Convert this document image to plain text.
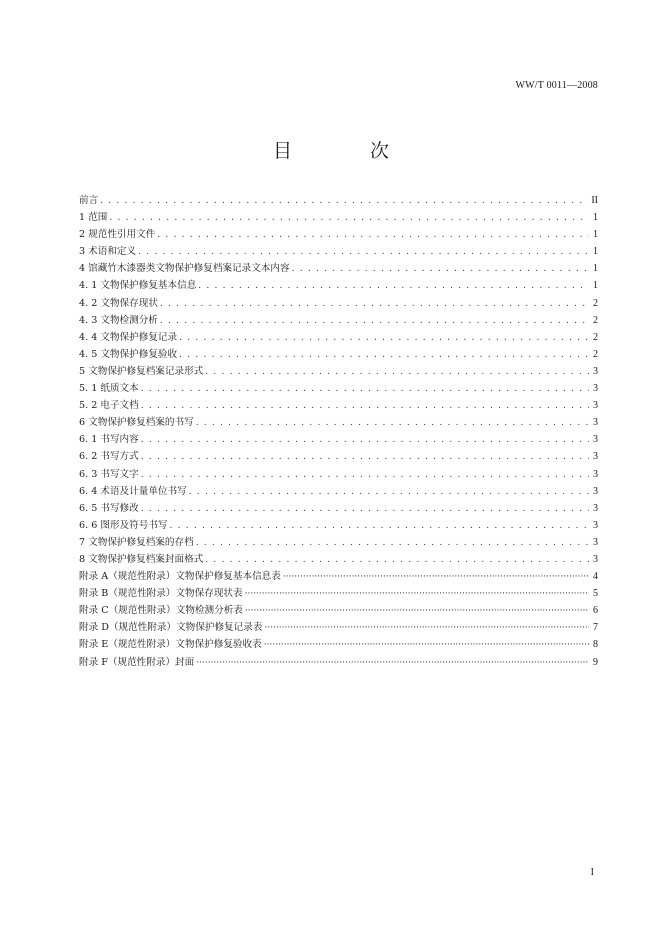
WW/T 0011—2008
目 次
前言 . . .	II
1 范围 . . .	1
2 规范性引用文件 . . .	1
3 术语和定义 . . .	1
4 馆藏竹木漆器类文物保护修复档案记录文本内容 . . .	1
4. 1 文物保护修复基本信息 . . .	1
4. 2 文物保存现状 . . .	2
4. 3 文物检测分析 . . .	2
4. 4 文物保护修复记录 . . .	2
4. 5 文物保护修复验收 . . .	2
5 文物保护修复档案记录形式 . . .	3
5. 1 纸质文本 . . .	3
5. 2 电子文档 . . .	3
6 文物保护修复档案的书写 . . .	3
6. 1 书写内容 . . .	3
6. 2 书写方式 . . .	3
6. 3 书写文字 . . .	3
6. 4 术语及计量单位书写 . . .	3
6. 5 书写修改 . . .	3
6. 6 图形及符号书写 . . .	3
7 文物保护修复档案的存档 . . .	3
8 文物保护修复档案封面格式 . . .	3
附录 A（规范性附录）文物保护修复基本信息表 ·····	4
附录 B（规范性附录）文物保存现状表 ·····	5
附录 C（规范性附录）文物检测分析表 ·····	6
附录 D（规范性附录）文物保护修复记录表 ·····	7
附录 E（规范性附录）文物保护修复验收表 ·····	8
附录 F（规范性附录）封面 ·····	9
I
